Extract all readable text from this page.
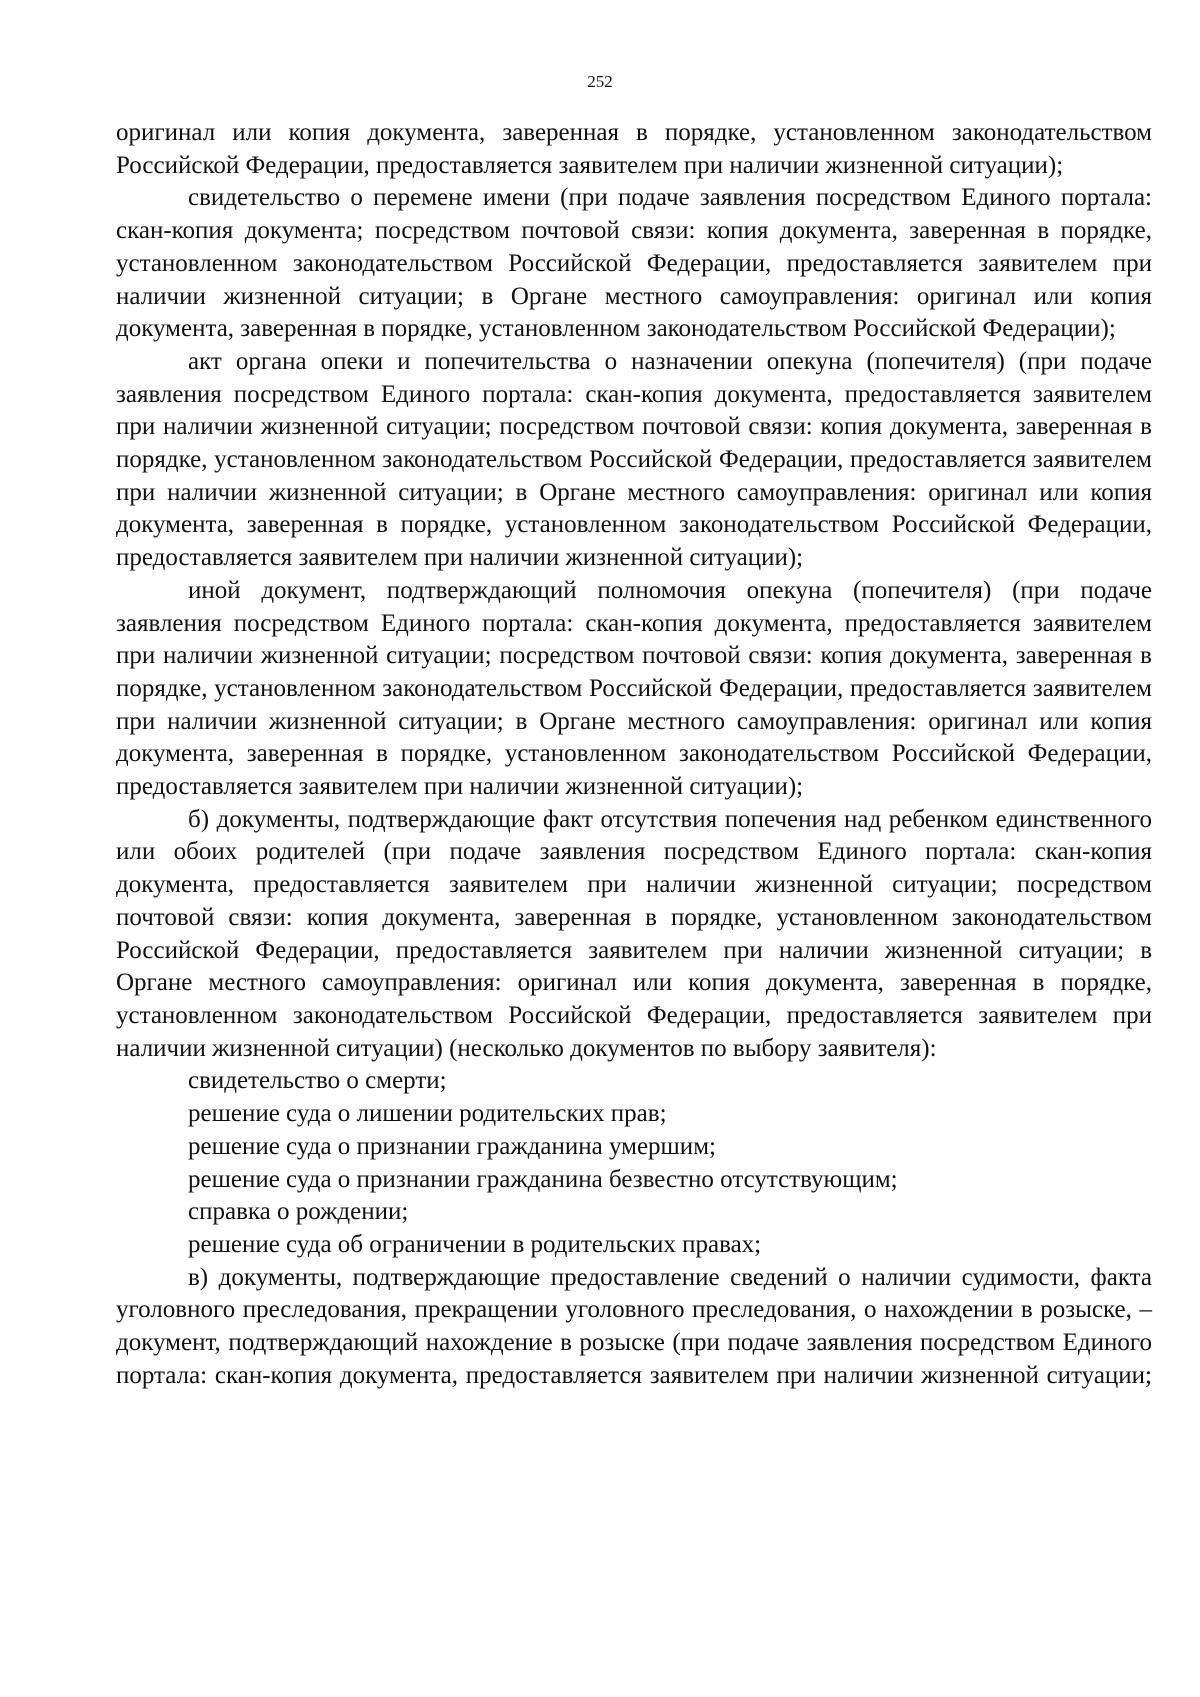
252

оригинал или копия документа, заверенная в порядке, установленном законодательством Российской Федерации, предоставляется заявителем при наличии жизненной ситуации);

свидетельство о перемене имени (при подаче заявления посредством Единого портала: скан-копия документа; посредством почтовой связи: копия документа, заверенная в порядке, установленном законодательством Российской Федерации, предоставляется заявителем при наличии жизненной ситуации; в Органе местного самоуправления: оригинал или копия документа, заверенная в порядке, установленном законодательством Российской Федерации);

акт органа опеки и попечительства о назначении опекуна (попечителя) (при подаче заявления посредством Единого портала: скан-копия документа, предоставляется заявителем при наличии жизненной ситуации; посредством почтовой связи: копия документа, заверенная в порядке, установленном законодательством Российской Федерации, предоставляется заявителем при наличии жизненной ситуации; в Органе местного самоуправления: оригинал или копия документа, заверенная в порядке, установленном законодательством Российской Федерации, предоставляется заявителем при наличии жизненной ситуации);

иной документ, подтверждающий полномочия опекуна (попечителя) (при подаче заявления посредством Единого портала: скан-копия документа, предоставляется заявителем при наличии жизненной ситуации; посредством почтовой связи: копия документа, заверенная в порядке, установленном законодательством Российской Федерации, предоставляется заявителем при наличии жизненной ситуации; в Органе местного самоуправления: оригинал или копия документа, заверенная в порядке, установленном законодательством Российской Федерации, предоставляется заявителем при наличии жизненной ситуации);

б) документы, подтверждающие факт отсутствия попечения над ребенком единственного или обоих родителей (при подаче заявления посредством Единого портала: скан-копия документа, предоставляется заявителем при наличии жизненной ситуации; посредством почтовой связи: копия документа, заверенная в порядке, установленном законодательством Российской Федерации, предоставляется заявителем при наличии жизненной ситуации; в Органе местного самоуправления: оригинал или копия документа, заверенная в порядке, установленном законодательством Российской Федерации, предоставляется заявителем при наличии жизненной ситуации) (несколько документов по выбору заявителя):

свидетельство о смерти;

решение суда о лишении родительских прав;

решение суда о признании гражданина умершим;

решение суда о признании гражданина безвестно отсутствующим;

справка о рождении;

решение суда об ограничении в родительских правах;

в) документы, подтверждающие предоставление сведений о наличии судимости, факта уголовного преследования, прекращении уголовного преследования, о нахождении в розыске, – документ, подтверждающий нахождение в розыске (при подаче заявления посредством Единого портала: скан-копия документа, предоставляется заявителем при наличии жизненной ситуации;
